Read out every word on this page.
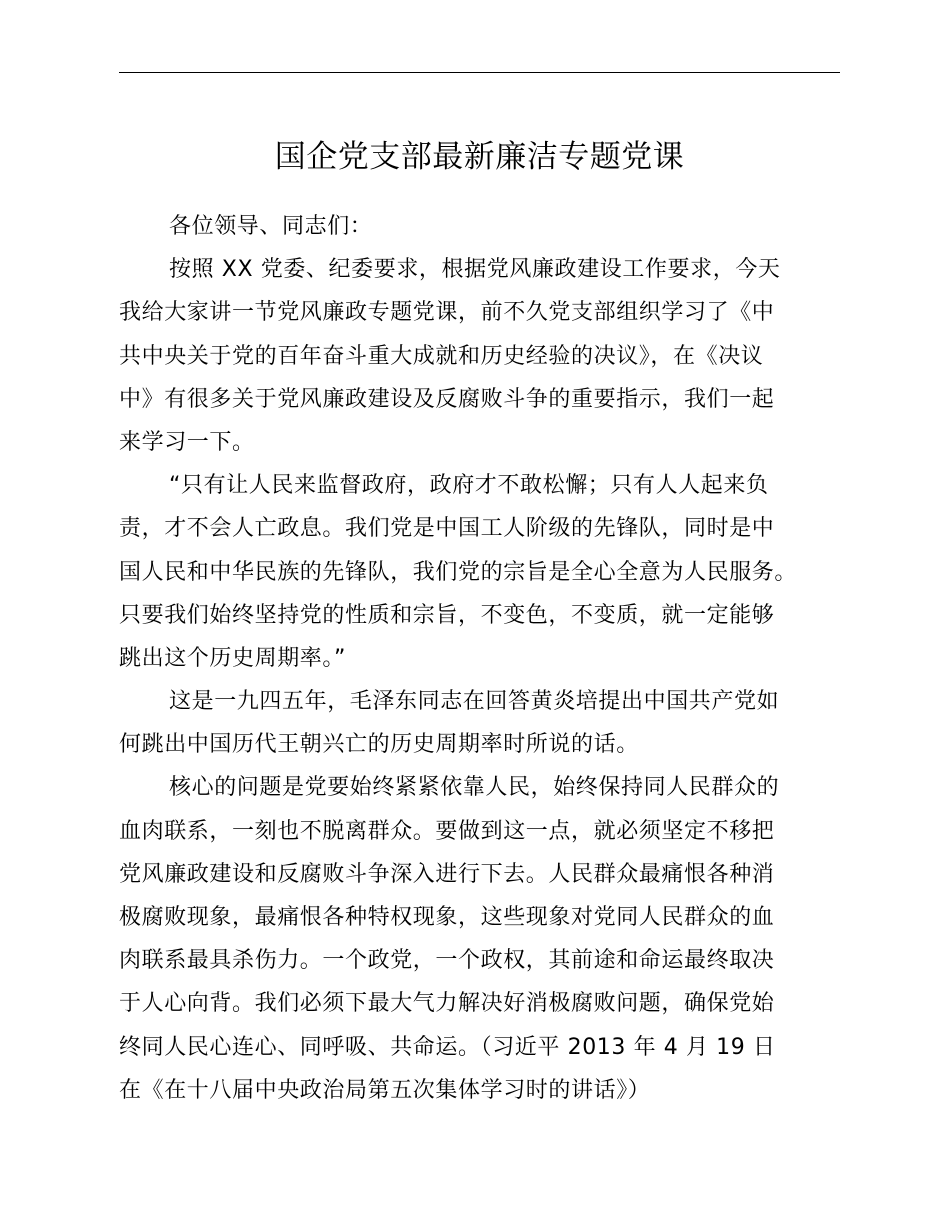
国企党支部最新廉洁专题党课
各位领导、同志们：
按照 XX 党委、纪委要求，根据党风廉政建设工作要求，今天
我给大家讲一节党风廉政专题党课，前不久党支部组织学习了《中
共中央关于党的百年奋斗重大成就和历史经验的决议》，在《决议
中》有很多关于党风廉政建设及反腐败斗争的重要指示，我们一起
来学习一下。
“只有让人民来监督政府，政府才不敢松懈；只有人人起来负
责，才不会人亡政息。我们党是中国工人阶级的先锋队，同时是中
国人民和中华民族的先锋队，我们党的宗旨是全心全意为人民服务。
只要我们始终坚持党的性质和宗旨，不变色，不变质，就一定能够
跳出这个历史周期率。”
这是一九四五年，毛泽东同志在回答黄炎培提出中国共产党如
何跳出中国历代王朝兴亡的历史周期率时所说的话。
核心的问题是党要始终紧紧依靠人民，始终保持同人民群众的
血肉联系，一刻也不脱离群众。要做到这一点，就必须坚定不移把
党风廉政建设和反腐败斗争深入进行下去。人民群众最痛恨各种消
极腐败现象，最痛恨各种特权现象，这些现象对党同人民群众的血
肉联系最具杀伤力。一个政党，一个政权，其前途和命运最终取决
于人心向背。我们必须下最大气力解决好消极腐败问题，确保党始
终同人民心连心、同呼吸、共命运。（习近平 2013 年 4 月 19 日
在《在十八届中央政治局第五次集体学习时的讲话》）
